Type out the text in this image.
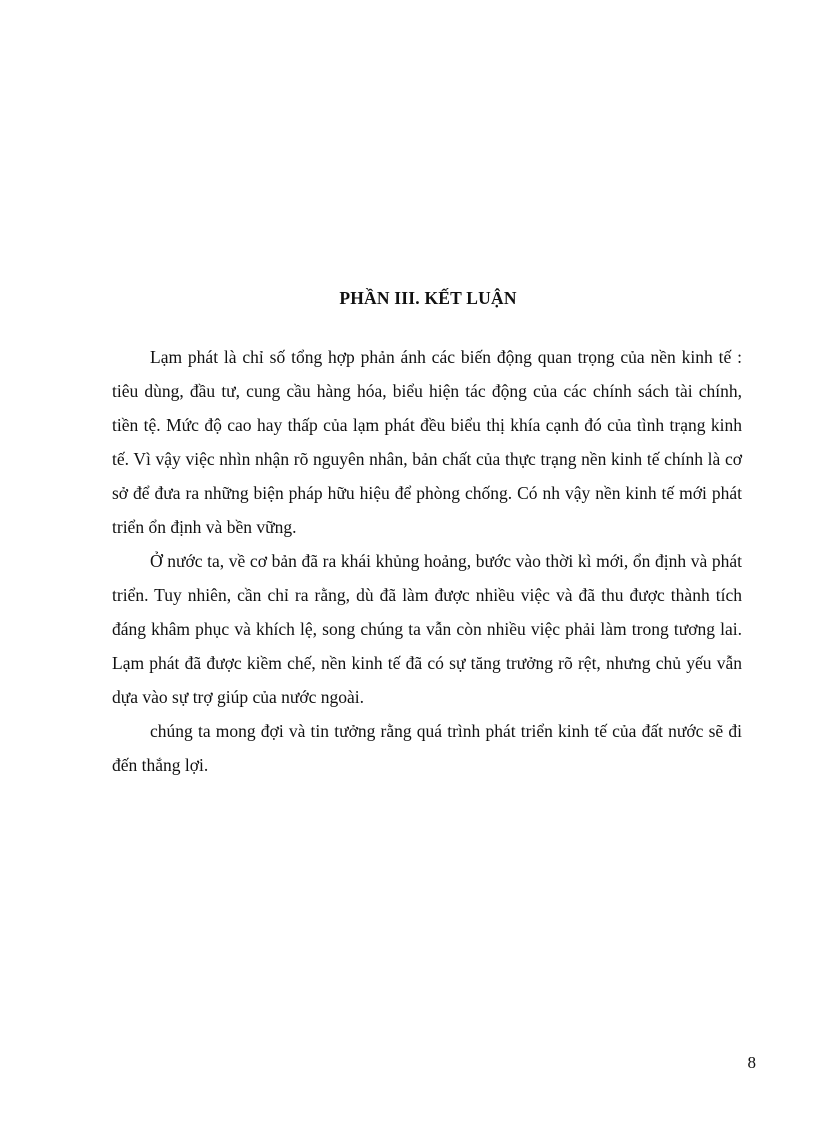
PHẦN III. KẾT LUẬN

Lạm phát là chỉ số tổng hợp phản ánh các biến động quan trọng của nền kinh tế : tiêu dùng, đầu tư, cung cầu hàng hóa, biểu hiện tác động của các chính sách tài chính, tiền tệ. Mức độ cao hay thấp của lạm phát đều biểu thị khía cạnh đó của tình trạng kinh tế. Vì vậy việc nhìn nhận rõ nguyên nhân, bản chất của thực trạng nền kinh tế chính là cơ sở để đưa ra những biện pháp hữu hiệu để phòng chống. Có nh vậy nền kinh tế mới phát triển ổn định và bền vững.

Ở nước ta, về cơ bản đã ra khái khủng hoảng, bước vào thời kì mới, ổn định và phát triển. Tuy nhiên, cần chỉ ra rằng, dù đã làm được nhiều việc và đã thu được thành tích đáng khâm phục và khích lệ, song chúng ta vẫn còn nhiều việc phải làm trong tương lai. Lạm phát đã được kiềm chế, nền kinh tế đã có sự tăng trưởng rõ rệt, nhưng chủ yếu vẫn dựa vào sự trợ giúp của nước ngoài.

chúng ta mong đợi và tin tưởng rằng quá trình phát triển kinh tế của đất nước sẽ đi đến thắng lợi.

8
